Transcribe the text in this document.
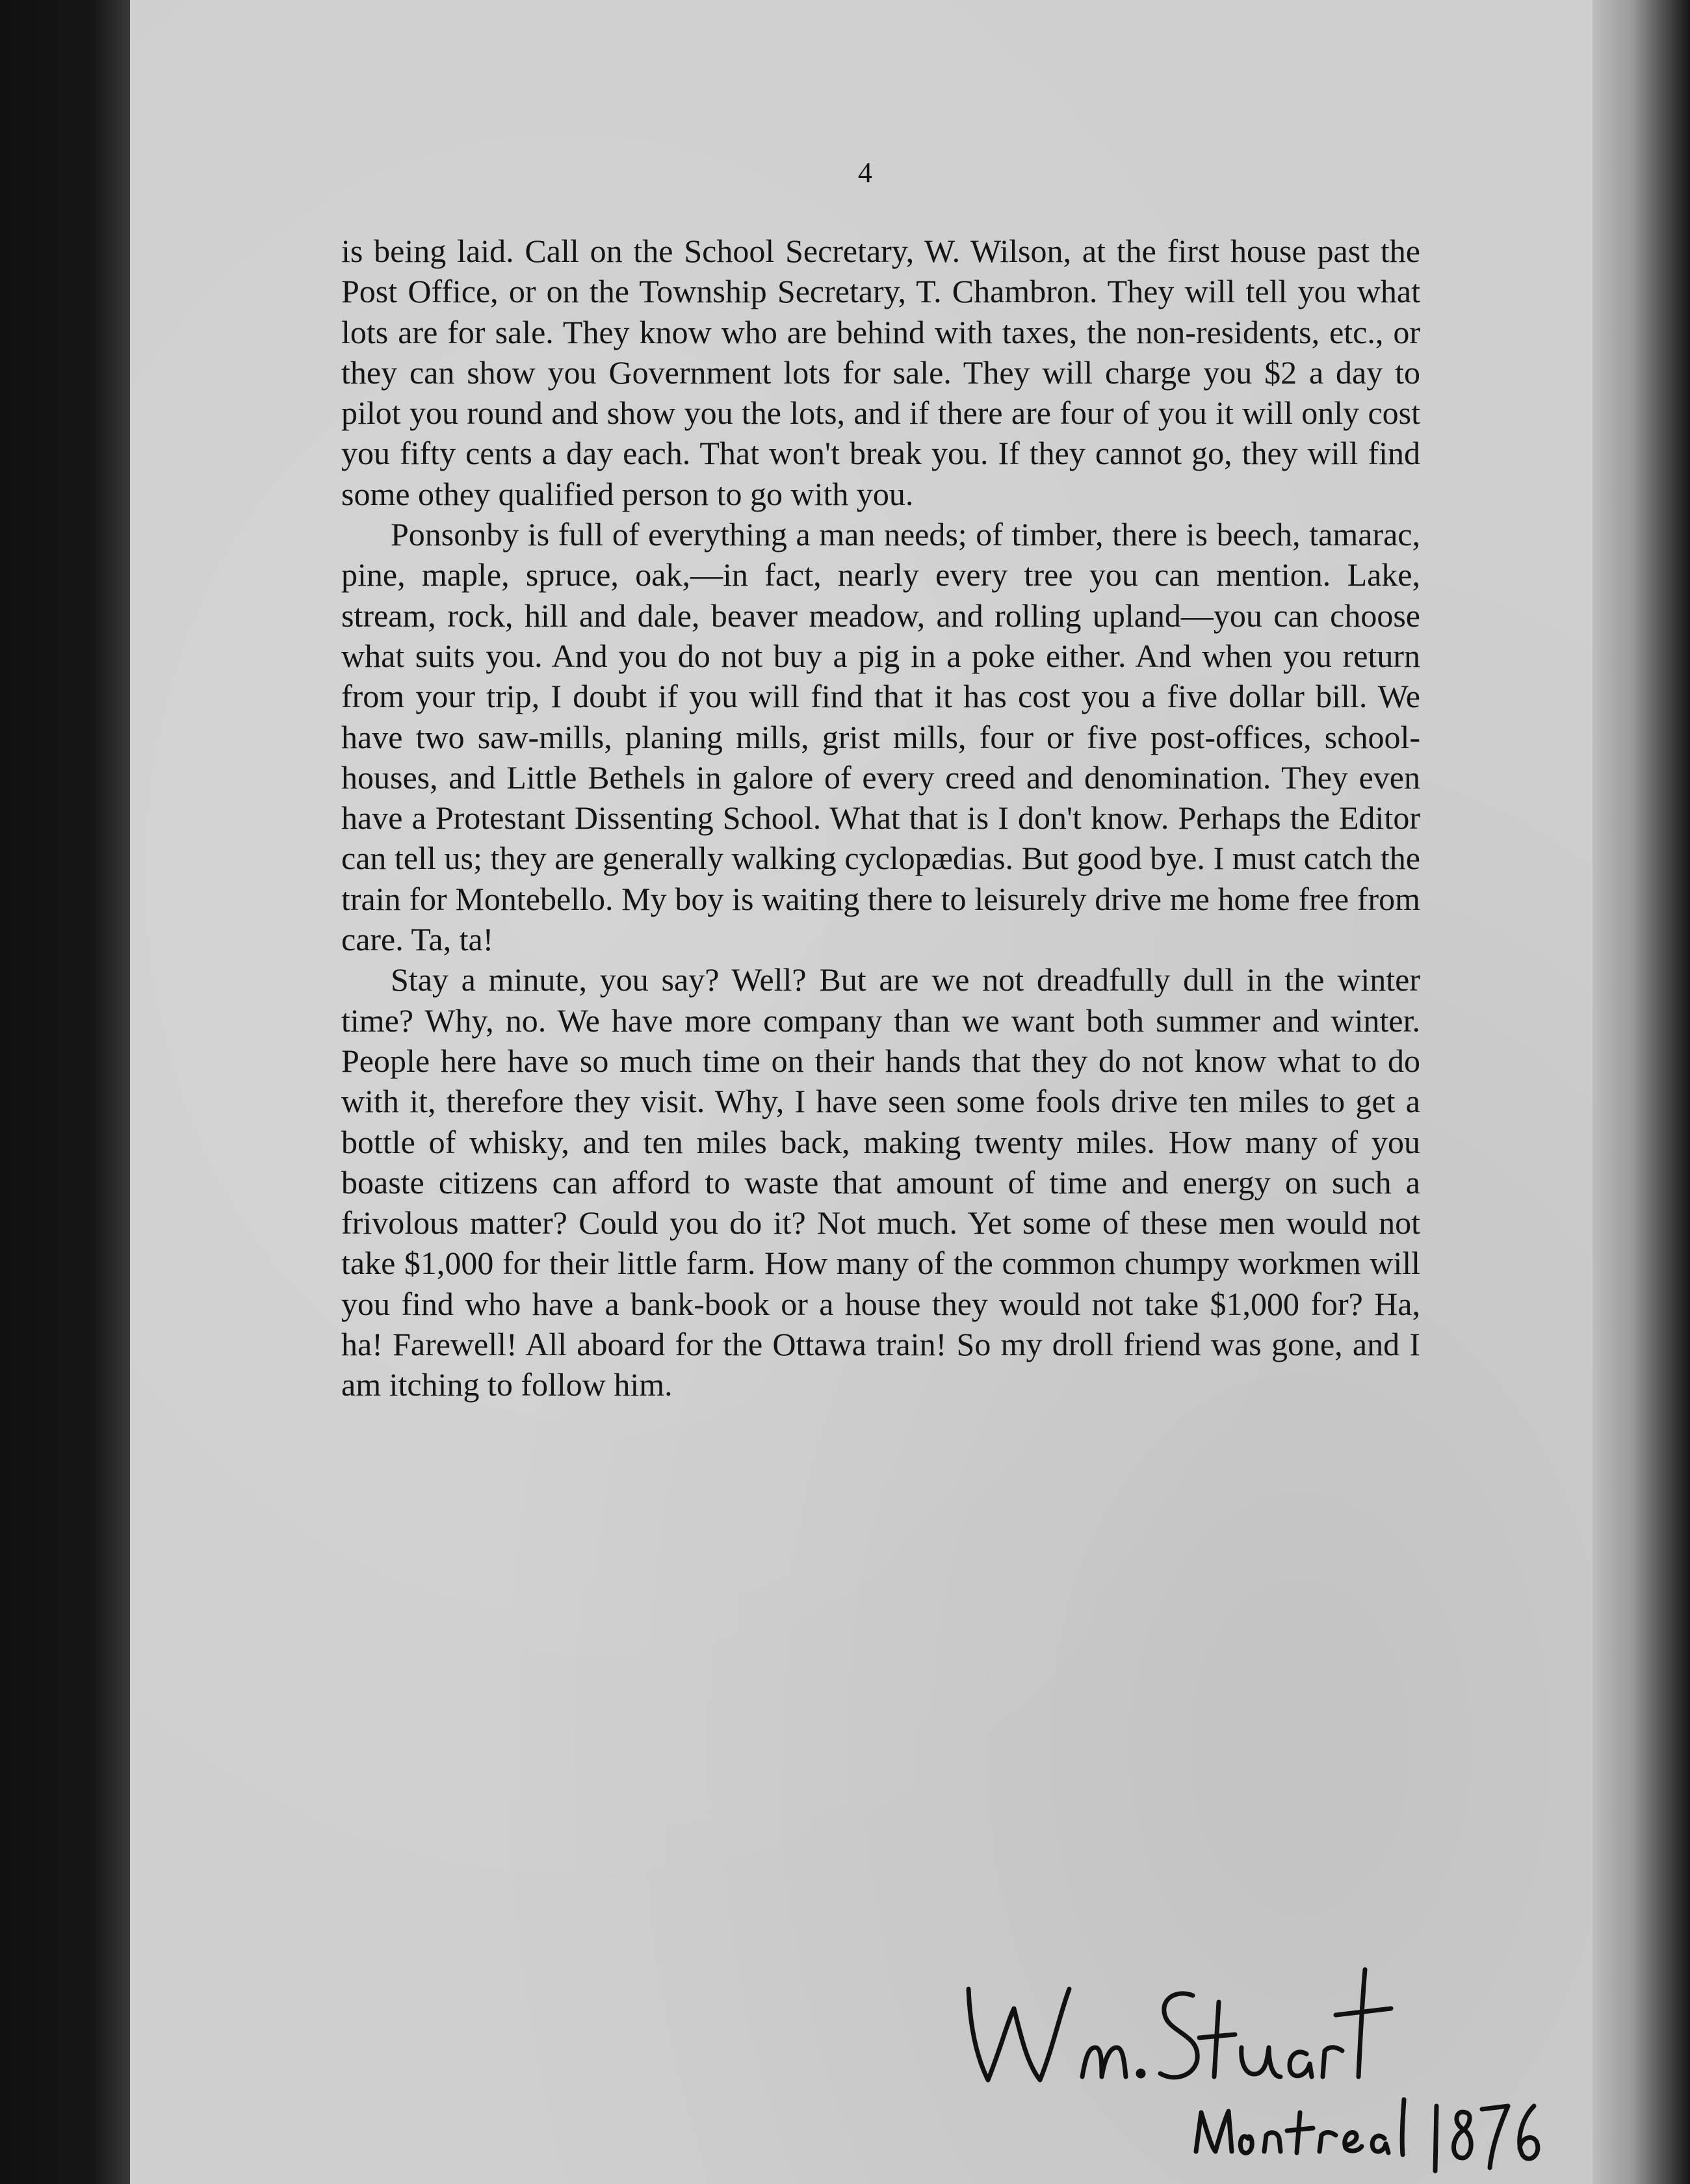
4

is being laid. Call on the School Secretary, W. Wilson, at the first house past the Post Office, or on the Township Secretary, T. Chambron. They will tell you what lots are for sale. They know who are behind with taxes, the non-residents, etc., or they can show you Government lots for sale. They will charge you $2 a day to pilot you round and show you the lots, and if there are four of you it will only cost you fifty cents a day each. That won't break you. If they cannot go, they will find some othey qualified person to go with you.

Ponsonby is full of everything a man needs; of timber, there is beech, tamarac, pine, maple, spruce, oak,—in fact, nearly every tree you can mention. Lake, stream, rock, hill and dale, beaver meadow, and rolling upland—you can choose what suits you. And you do not buy a pig in a poke either. And when you return from your trip, I doubt if you will find that it has cost you a five dollar bill. We have two saw-mills, planing mills, grist mills, four or five post-offices, school-houses, and Little Bethels in galore of every creed and denomination. They even have a Protestant Dissenting School. What that is I don't know. Perhaps the Editor can tell us; they are generally walking cyclopædias. But good bye. I must catch the train for Montebello. My boy is waiting there to leisurely drive me home free from care. Ta, ta!

Stay a minute, you say? Well? But are we not dreadfully dull in the winter time? Why, no. We have more company than we want both summer and winter. People here have so much time on their hands that they do not know what to do with it, therefore they visit. Why, I have seen some fools drive ten miles to get a bottle of whisky, and ten miles back, making twenty miles. How many of you boaste citizens can afford to waste that amount of time and energy on such a frivolous matter? Could you do it? Not much. Yet some of these men would not take $1,000 for their little farm. How many of the common chumpy workmen will you find who have a bank-book or a house they would not take $1,000 for? Ha, ha! Farewell! All aboard for the Ottawa train! So my droll friend was gone, and I am itching to follow him.
